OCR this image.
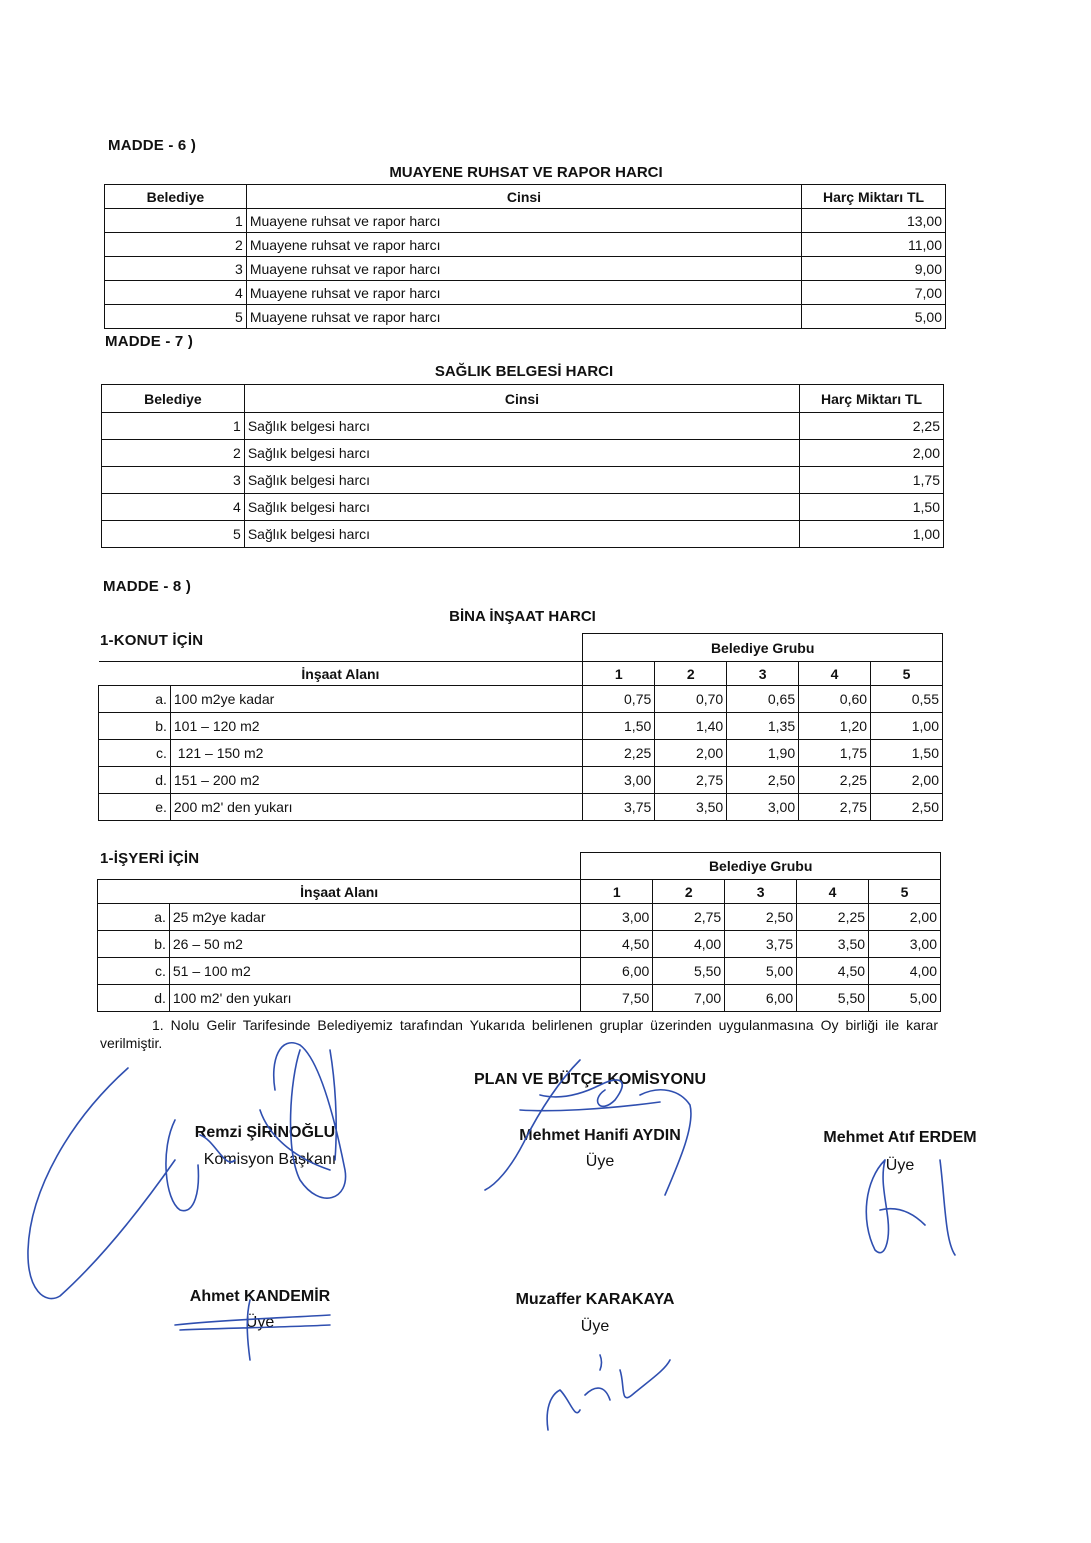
MADDE - 6 )
MUAYENE RUHSAT VE RAPOR HARCI
Belediye	Cinsi	Harç Miktarı TL
1	Muayene ruhsat ve rapor harcı	13,00
2	Muayene ruhsat ve rapor harcı	11,00
3	Muayene ruhsat ve rapor harcı	9,00
4	Muayene ruhsat ve rapor harcı	7,00
5	Muayene ruhsat ve rapor harcı	5,00
MADDE - 7 )
SAĞLIK BELGESİ HARCI
Belediye	Cinsi	Harç Miktarı TL
1	Sağlık belgesi harcı	2,25
2	Sağlık belgesi harcı	2,00
3	Sağlık belgesi harcı	1,75
4	Sağlık belgesi harcı	1,50
5	Sağlık belgesi harcı	1,00
MADDE - 8 )
BİNA İNŞAAT HARCI
1-KONUT İÇİN
		Belediye Grubu				
İnşaat Alanı		1	2	3	4	5
a.	100 m2ye kadar	0,75	0,70	0,65	0,60	0,55
b.	101 – 120 m2	1,50	1,40	1,35	1,20	1,00
c.	121 – 150 m2	2,25	2,00	1,90	1,75	1,50
d.	151 – 200 m2	3,00	2,75	2,50	2,25	2,00
e.	200 m2' den yukarı	3,75	3,50	3,00	2,75	2,50
1-İŞYERİ İÇİN
		Belediye Grubu				
İnşaat Alanı		1	2	3	4	5
a.	25 m2ye kadar	3,00	2,75	2,50	2,25	2,00
b.	26 – 50 m2	4,50	4,00	3,75	3,50	3,00
c.	51 – 100 m2	6,00	5,50	5,00	4,50	4,00
d.	100 m2' den yukarı	7,50	7,00	6,00	5,50	5,00
1. Nolu Gelir Tarifesinde Belediyemiz tarafından Yukarıda belirlenen gruplar üzerinden uygulanmasına Oy birliği ile karar
verilmiştir.
PLAN VE BÜTÇE KOMİSYONU
Remzi ŞİRİNOĞLU
Komisyon Başkanı
Mehmet Hanifi AYDIN
Üye
Mehmet Atıf ERDEM
Üye
Ahmet KANDEMİR
Üye
Muzaffer KARAKAYA
Üye
